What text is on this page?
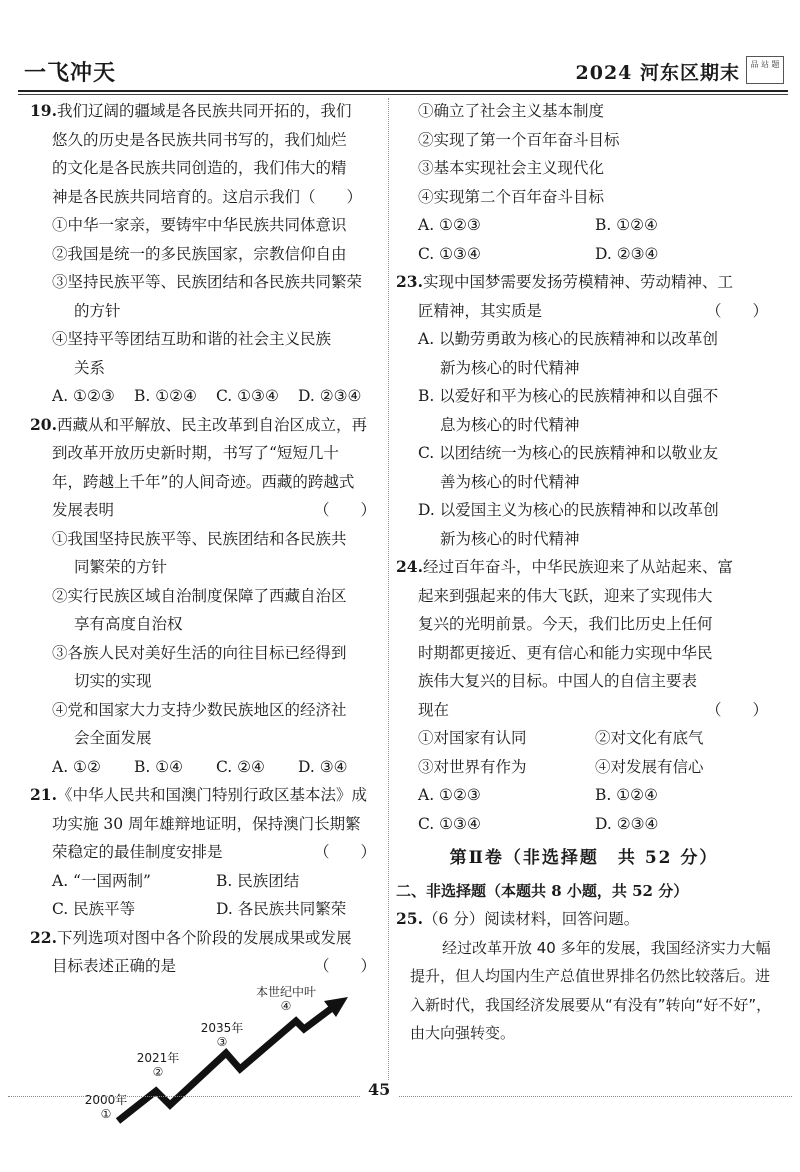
一飞冲天	2024 河东区期末	品 站 题
19.我们辽阔的疆域是各民族共同开拓的，我们
悠久的历史是各民族共同书写的，我们灿烂
的文化是各民族共同创造的，我们伟大的精
神是各民族共同培育的。这启示我们（　　）
①中华一家亲，要铸牢中华民族共同体意识
②我国是统一的多民族国家，宗教信仰自由
③坚持民族平等、民族团结和各民族共同繁荣
的方针
④坚持平等团结互助和谐的社会主义民族
关系
A. ①②③	B. ①②④	C. ①③④	D. ②③④
20.西藏从和平解放、民主改革到自治区成立，再
到改革开放历史新时期，书写了“短短几十
年，跨越上千年”的人间奇迹。西藏的跨越式
发展表明	（　　）
①我国坚持民族平等、民族团结和各民族共
同繁荣的方针
②实行民族区域自治制度保障了西藏自治区
享有高度自治权
③各族人民对美好生活的向往目标已经得到
切实的实现
④党和国家大力支持少数民族地区的经济社
会全面发展
A. ①②	B. ①④	C. ②④	D. ③④
21.《中华人民共和国澳门特别行政区基本法》成
功实施 30 周年雄辩地证明，保持澳门长期繁
荣稳定的最佳制度安排是	（　　）
A. “一国两制”	B. 民族团结
C. 民族平等	D. 各民族共同繁荣
22.下列选项对图中各个阶段的发展成果或发展
目标表述正确的是	（　　）
2000年
①
2021年
②
2035年
③
本世纪中叶
④
①确立了社会主义基本制度
②实现了第一个百年奋斗目标
③基本实现社会主义现代化
④实现第二个百年奋斗目标
A. ①②③	B. ①②④
C. ①③④	D. ②③④
23.实现中国梦需要发扬劳模精神、劳动精神、工
匠精神，其实质是	（　　）
A. 以勤劳勇敢为核心的民族精神和以改革创
新为核心的时代精神
B. 以爱好和平为核心的民族精神和以自强不
息为核心的时代精神
C. 以团结统一为核心的民族精神和以敬业友
善为核心的时代精神
D. 以爱国主义为核心的民族精神和以改革创
新为核心的时代精神
24.经过百年奋斗，中华民族迎来了从站起来、富
起来到强起来的伟大飞跃，迎来了实现伟大
复兴的光明前景。今天，我们比历史上任何
时期都更接近、更有信心和能力实现中华民
族伟大复兴的目标。中国人的自信主要表
现在	（　　）
①对国家有认同	②对文化有底气
③对世界有作为	④对发展有信心
A. ①②③	B. ①②④
C. ①③④	D. ②③④
第Ⅱ卷（非选择题　共 52 分）
二、非选择题（本题共 8 小题，共 52 分）
25.（6 分）阅读材料，回答问题。
经过改革开放 40 多年的发展，我国经济实力大幅提升，但人均国内生产总值世界排名仍然比较落后。进入新时代，我国经济发展要从“有没有”转向“好不好”，由大向强转变。
45
